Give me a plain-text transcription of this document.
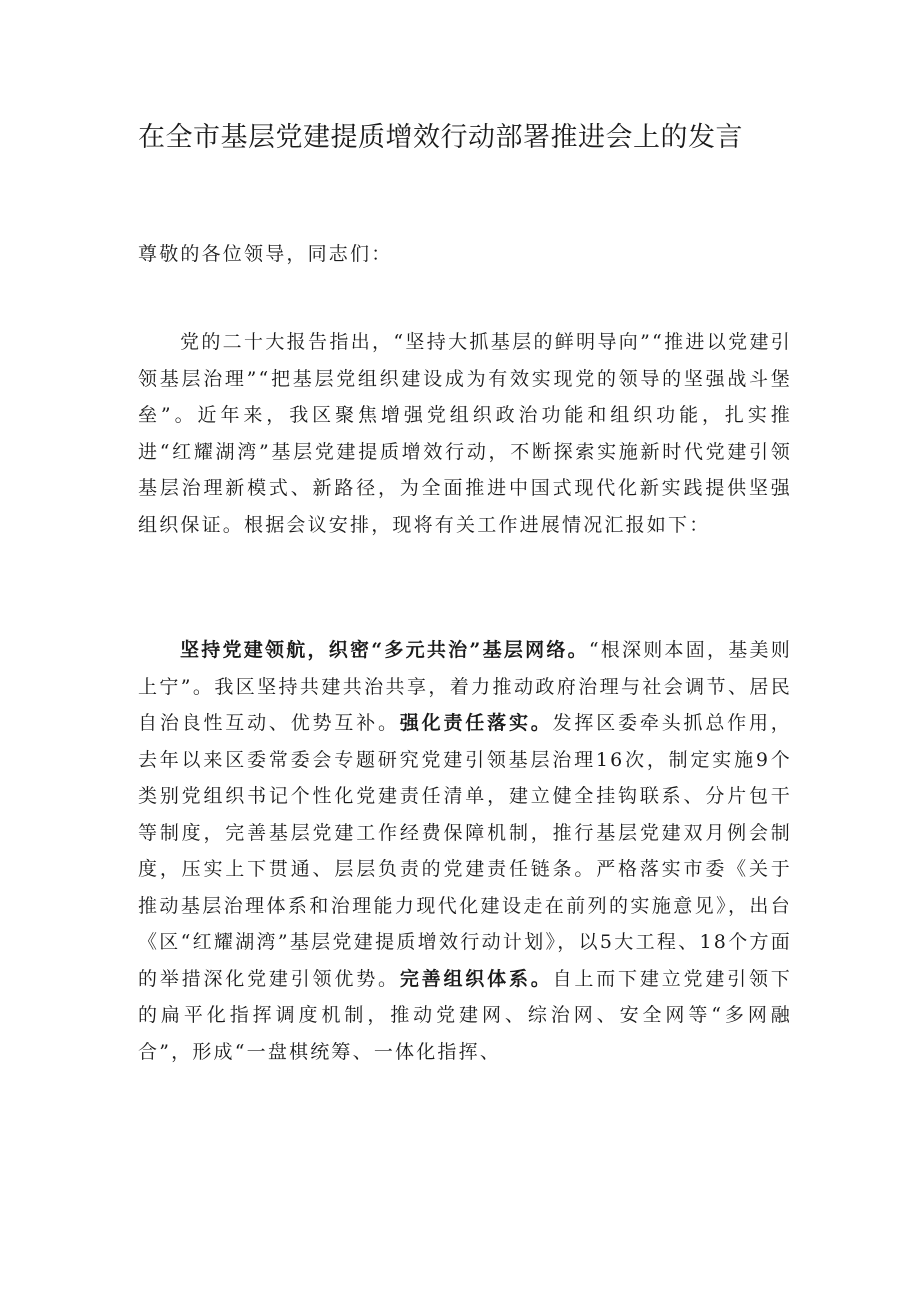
在全市基层党建提质增效行动部署推进会上的发言

尊敬的各位领导，同志们：

党的二十大报告指出，“坚持大抓基层的鲜明导向”“推进以党建引领基层治理”“把基层党组织建设成为有效实现党的领导的坚强战斗堡垒”。近年来，我区聚焦增强党组织政治功能和组织功能，扎实推进“红耀湖湾”基层党建提质增效行动，不断探索实施新时代党建引领基层治理新模式、新路径，为全面推进中国式现代化新实践提供坚强组织保证。根据会议安排，现将有关工作进展情况汇报如下：

坚持党建领航，织密“多元共治”基层网络。“根深则本固，基美则上宁”。我区坚持共建共治共享，着力推动政府治理与社会调节、居民自治良性互动、优势互补。强化责任落实。发挥区委牵头抓总作用，去年以来区委常委会专题研究党建引领基层治理16次，制定实施9个类别党组织书记个性化党建责任清单，建立健全挂钩联系、分片包干等制度，完善基层党建工作经费保障机制，推行基层党建双月例会制度，压实上下贯通、层层负责的党建责任链条。严格落实市委《关于推动基层治理体系和治理能力现代化建设走在前列的实施意见》，出台《区“红耀湖湾”基层党建提质增效行动计划》，以5大工程、18个方面的举措深化党建引领优势。完善组织体系。自上而下建立党建引领下的扁平化指挥调度机制，推动党建网、综治网、安全网等“多网融合”，形成“一盘棋统筹、一体化指挥、
